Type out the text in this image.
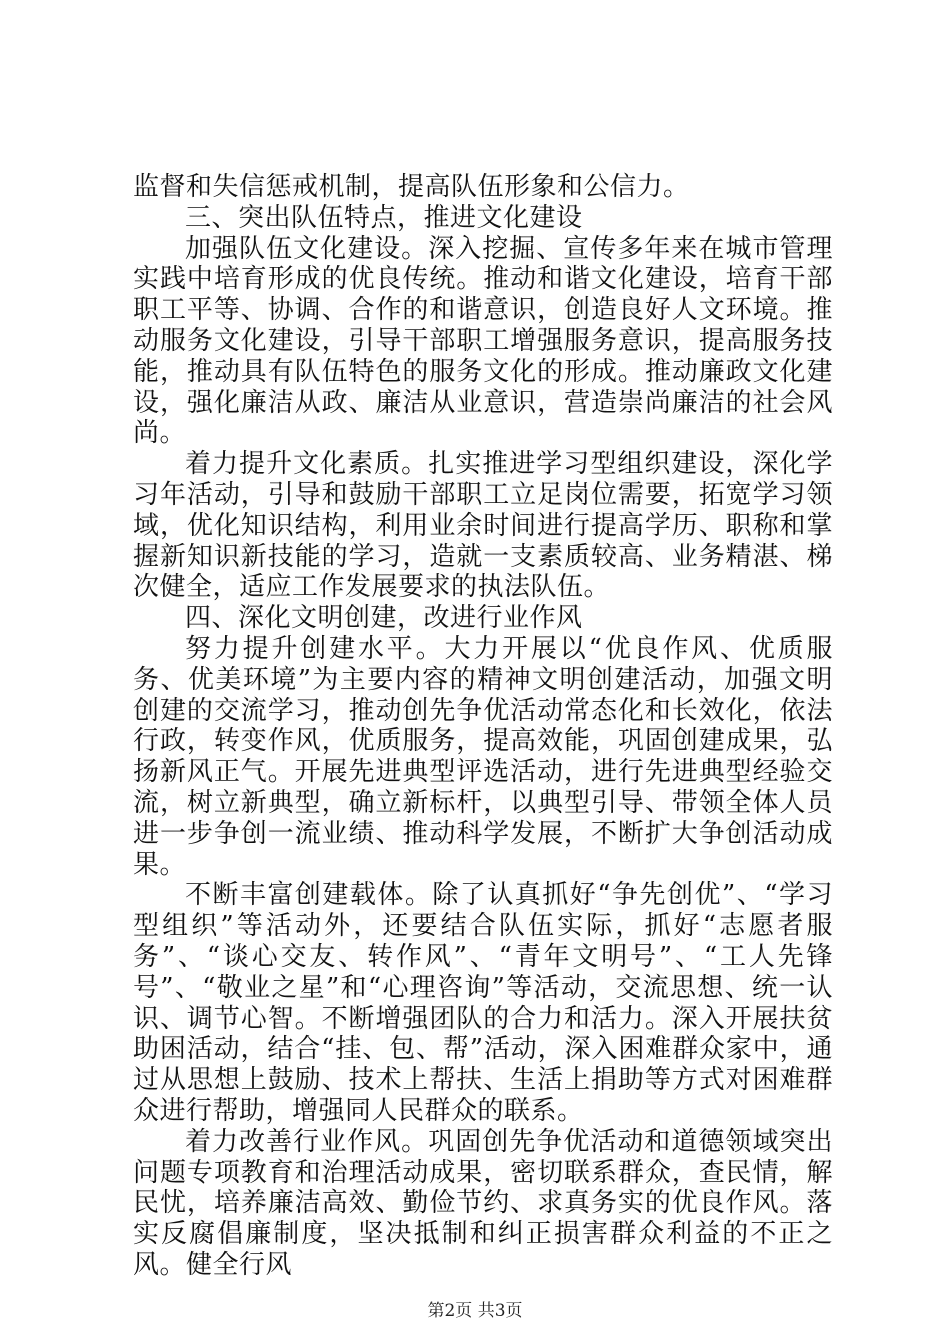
监督和失信惩戒机制，提高队伍形象和公信力。

三、突出队伍特点，推进文化建设

加强队伍文化建设。深入挖掘、宣传多年来在城市管理实践中培育形成的优良传统。推动和谐文化建设，培育干部职工平等、协调、合作的和谐意识，创造良好人文环境。推动服务文化建设，引导干部职工增强服务意识，提高服务技能，推动具有队伍特色的服务文化的形成。推动廉政文化建设，强化廉洁从政、廉洁从业意识，营造崇尚廉洁的社会风尚。

着力提升文化素质。扎实推进学习型组织建设，深化学习年活动，引导和鼓励干部职工立足岗位需要，拓宽学习领域，优化知识结构，利用业余时间进行提高学历、职称和掌握新知识新技能的学习，造就一支素质较高、业务精湛、梯次健全，适应工作发展要求的执法队伍。

四、深化文明创建，改进行业作风

努力提升创建水平。大力开展以“优良作风、优质服务、优美环境”为主要内容的精神文明创建活动，加强文明创建的交流学习，推动创先争优活动常态化和长效化，依法行政，转变作风，优质服务，提高效能，巩固创建成果，弘扬新风正气。开展先进典型评选活动，进行先进典型经验交流，树立新典型，确立新标杆，以典型引导、带领全体人员进一步争创一流业绩、推动科学发展，不断扩大争创活动成果。

不断丰富创建载体。除了认真抓好“争先创优”、“学习型组织”等活动外，还要结合队伍实际，抓好“志愿者服务”、“谈心交友、转作风”、“青年文明号”、“工人先锋号”、“敬业之星”和“心理咨询”等活动，交流思想、统一认识、调节心智。不断增强团队的合力和活力。深入开展扶贫助困活动，结合“挂、包、帮”活动，深入困难群众家中，通过从思想上鼓励、技术上帮扶、生活上捐助等方式对困难群众进行帮助，增强同人民群众的联系。

着力改善行业作风。巩固创先争优活动和道德领域突出问题专项教育和治理活动成果，密切联系群众，查民情，解民忧，培养廉洁高效、勤俭节约、求真务实的优良作风。落实反腐倡廉制度，坚决抵制和纠正损害群众利益的不正之风。健全行风

第2页 共3页
